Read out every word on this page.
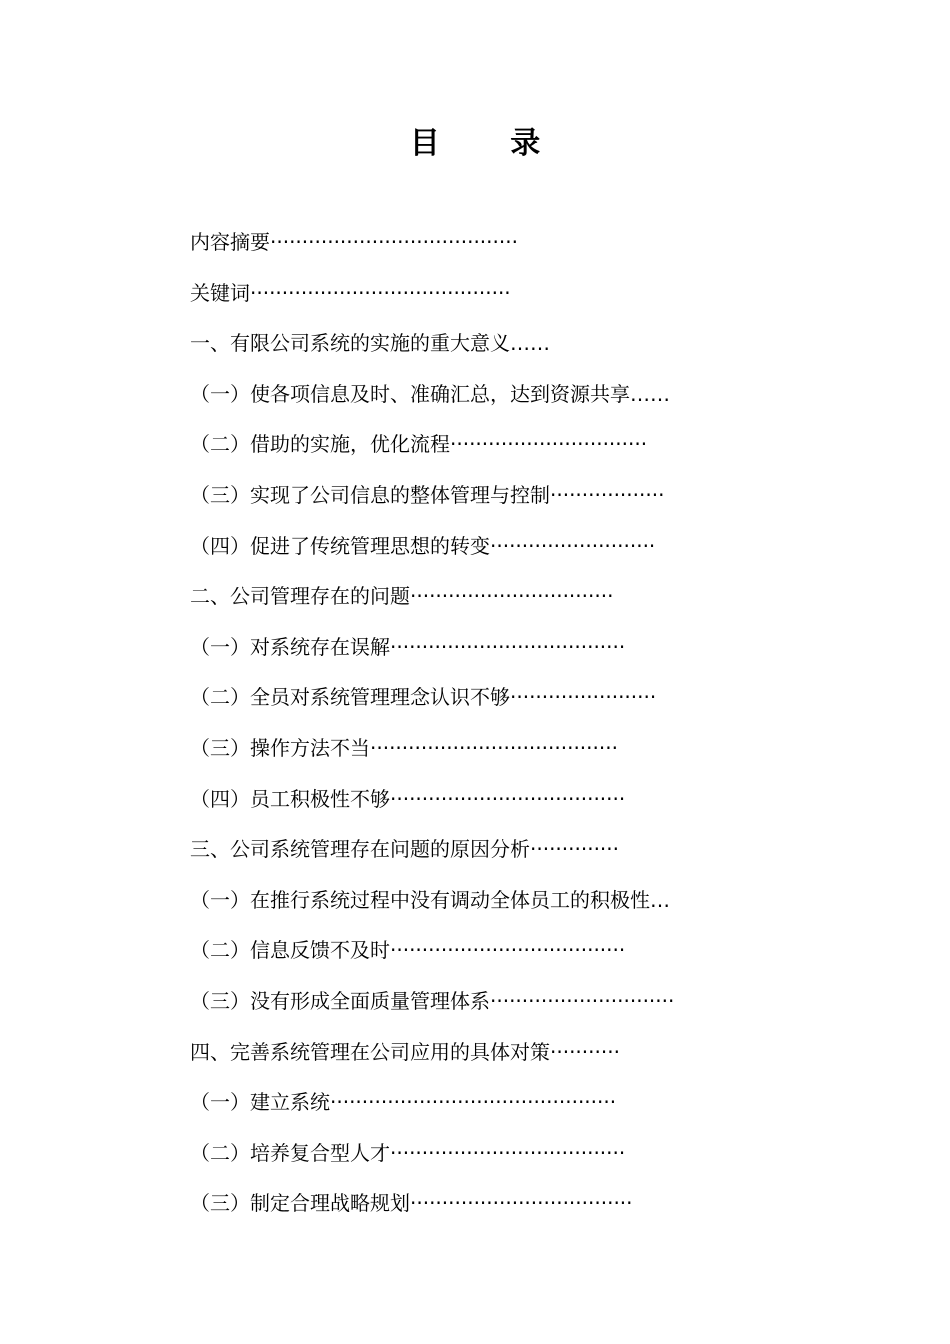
目 录
内容摘要·······································
关键词·········································
一、有限公司系统的实施的重大意义……
（一）使各项信息及时、准确汇总，达到资源共享……
（二）借助的实施，优化流程·······························
（三）实现了公司信息的整体管理与控制··················
（四）促进了传统管理思想的转变··························
二、公司管理存在的问题································
（一）对系统存在误解·····································
（二）全员对系统管理理念认识不够·······················
（三）操作方法不当·······································
（四）员工积极性不够·····································
三、公司系统管理存在问题的原因分析··············
（一）在推行系统过程中没有调动全体员工的积极性…
（二）信息反馈不及时·····································
（三）没有形成全面质量管理体系·····························
四、完善系统管理在公司应用的具体对策···········
（一）建立系统·············································
（二）培养复合型人才·····································
（三）制定合理战略规划···································
